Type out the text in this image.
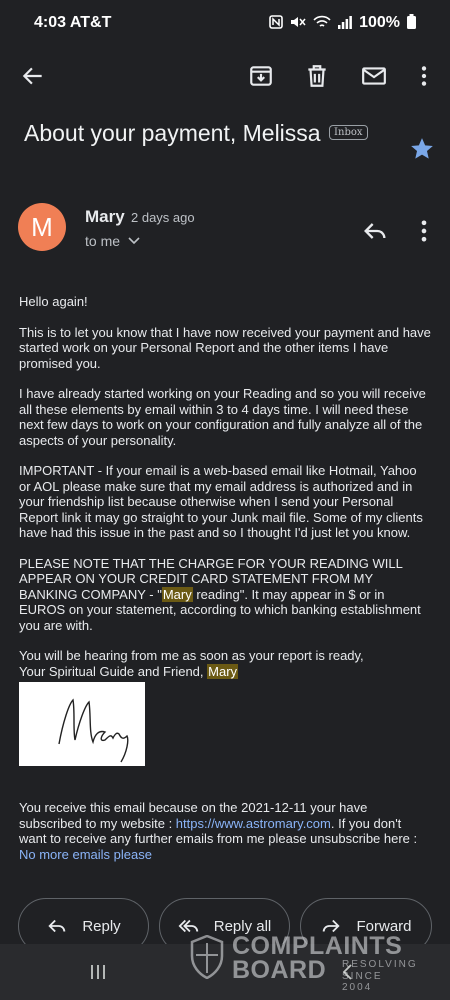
4:03 AT&T	100%
About your payment, Melissa Inbox
M	Mary 2 days ago
to me

Hello again!

This is to let you know that I have now received your payment and have started work on your Personal Report and the other items I have promised you.

I have already started working on your Reading and so you will receive all these elements by email within 3 to 4 days time. I will need these next few days to work on your configuration and fully analyze all of the aspects of your personality.

IMPORTANT - If your email is a web-based email like Hotmail, Yahoo or AOL please make sure that my email address is authorized and in your friendship list because otherwise when I send your Personal Report link it may go straight to your Junk mail file. Some of my clients have had this issue in the past and so I thought I'd just let you know.

PLEASE NOTE THAT THE CHARGE FOR YOUR READING WILL APPEAR ON YOUR CREDIT CARD STATEMENT FROM MY BANKING COMPANY - "Mary reading". It may appear in $ or in EUROS on your statement, according to which banking establishment you are with.

You will be hearing from me as soon as your report is ready,
Your Spiritual Guide and Friend, Mary

You receive this email because on the 2021-12-11 your have subscribed to my website : https://www.astromary.com. If you don't want to receive any further emails from me please unsubscribe here : No more emails please
Reply	Reply all	Forward
COMPLAINTS
BOARD RESOLVING
SINCE 2004
